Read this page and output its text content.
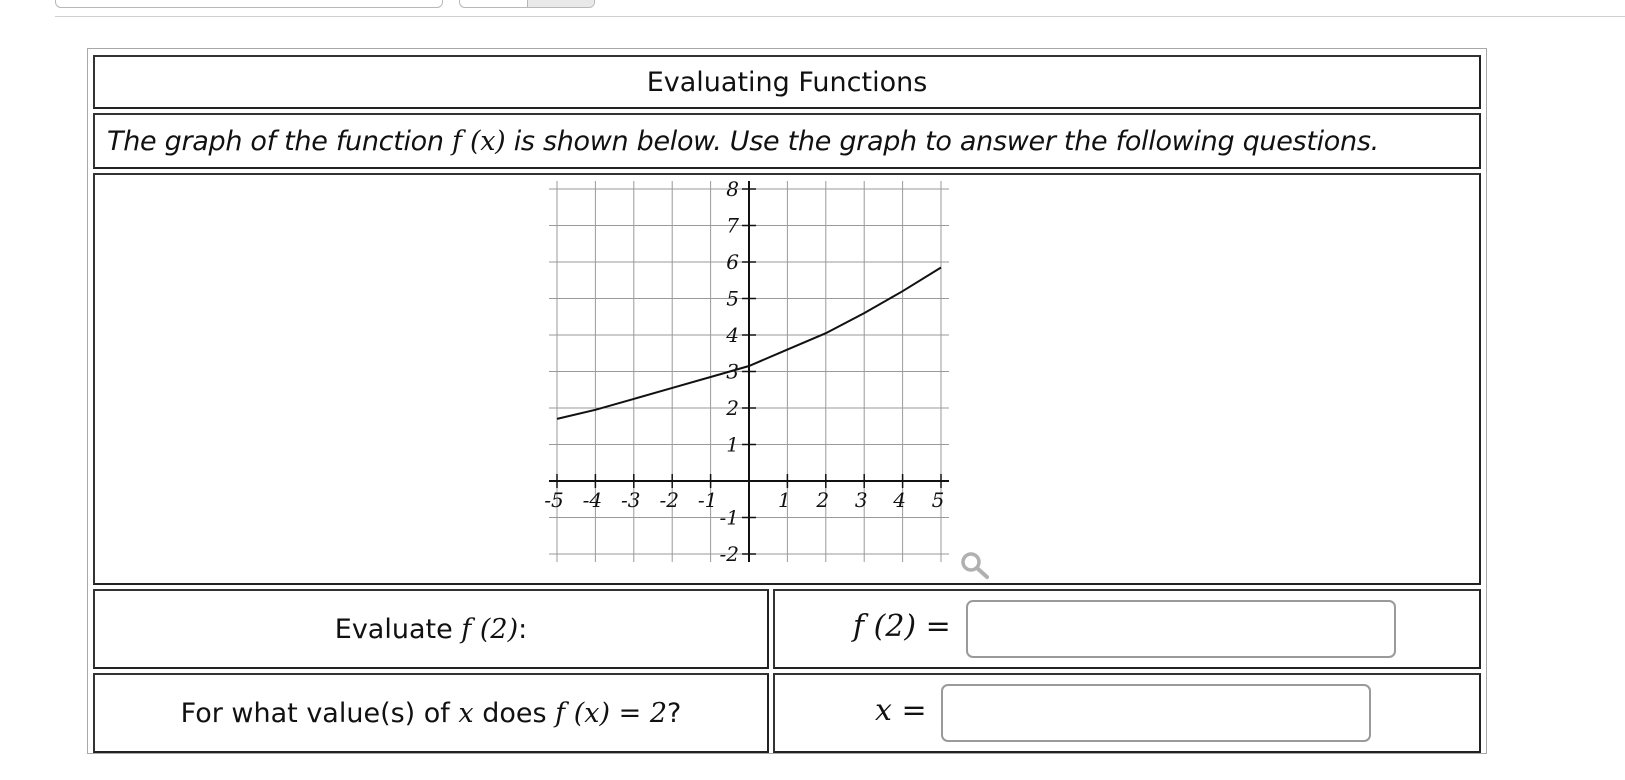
Evaluating Functions
The graph of the function f (x) is shown below. Use the graph to answer the following questions.
-5 -4 -3 -2 -1	1 2 3 4 5
-2
-1
1
2
3
4
5
6
7
8
Evaluate f (2):	f (2) =
For what value(s) of x does f (x) = 2?	x =
